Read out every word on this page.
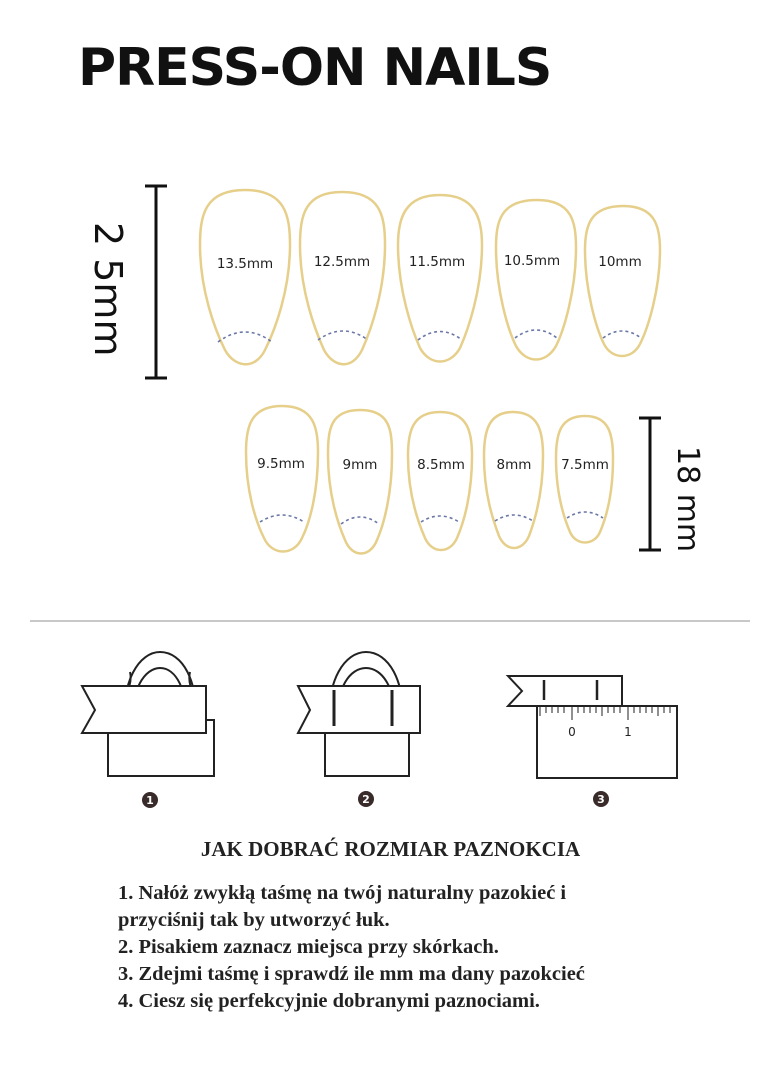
PRESS-ON NAILS
2 5mm	13.5mm	12.5mm	11.5mm	10.5mm	10mm
9.5mm	9mm	8.5mm 8mm 7.5mm 18 mm
0	1
1	2	3
JAK DOBRAĆ ROZMIAR PAZNOKCIA
1. Nałóż zwykłą taśmę na twój naturalny pazokieć i
przyciśnij tak by utworzyć łuk.
2. Pisakiem zaznacz miejsca przy skórkach.
3. Zdejmi taśmę i sprawdź ile mm ma dany pazokcieć
4. Ciesz się perfekcyjnie dobranymi paznociami.
